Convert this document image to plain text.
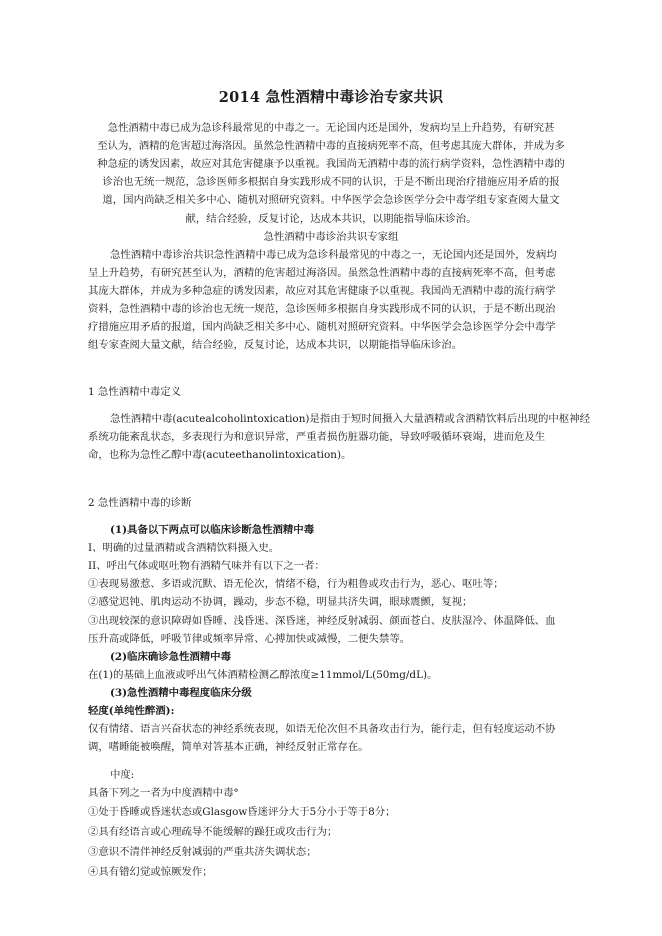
2014 急性酒精中毒诊治专家共识
急性酒精中毒已成为急诊科最常见的中毒之一。无论国内还是国外，发病均呈上升趋势，有研究甚
至认为，酒精的危害超过海洛因。虽然急性酒精中毒的直接病死率不高，但考虑其庞大群体，并成为多
种急症的诱发因素，故应对其危害健康予以重视。我国尚无酒精中毒的流行病学资料，急性酒精中毒的
诊治也无统一规范，急诊医师多根据自身实践形成不同的认识，于是不断出现治疗措施应用矛盾的报
道，国内尚缺乏相关多中心、随机对照研究资料。中华医学会急诊医学分会中毒学组专家查阅大量文
献，结合经验，反复讨论，达成本共识，以期能指导临床诊治。
急性酒精中毒诊治共识专家组
急性酒精中毒诊治共识急性酒精中毒已成为急诊科最常见的中毒之一，无论国内还是国外，发病均
呈上升趋势，有研究甚至认为，酒精的危害超过海洛因。虽然急性酒精中毒的直接病死率不高，但考虑
其庞大群体，并成为多种急症的诱发因素，故应对其危害健康予以重视。我国尚无酒精中毒的流行病学
资料，急性酒精中毒的诊治也无统一规范，急诊医师多根据自身实践形成不同的认识，于是不断出现治
疗措施应用矛盾的报道，国内尚缺乏相关多中心、随机对照研究资料。中华医学会急诊医学分会中毒学
组专家查阅大量文献，结合经验，反复讨论，达成本共识，以期能指导临床诊治。
1 急性酒精中毒定义
急性酒精中毒(acutealcoholintoxication)是指由于短时间摄入大量酒精或含酒精饮料后出现的中枢神经
系统功能紊乱状态，多表现行为和意识异常，严重者损伤脏器功能，导致呼吸循环衰竭，进而危及生
命，也称为急性乙醇中毒(acuteethanolintoxication)。
2 急性酒精中毒的诊断
(1)具备以下两点可以临床诊断急性酒精中毒
I、明确的过量酒精或含酒精饮料摄入史。
II、呼出气体或呕吐物有酒精气味并有以下之一者：
①表现易激惹、多语或沉默、语无伦次，情绪不稳，行为粗鲁或攻击行为，恶心、呕吐等；
②感觉迟钝、肌肉运动不协调，躁动，步态不稳，明显共济失调，眼球震颤，复视；
③出现较深的意识障碍如昏睡、浅昏迷、深昏迷，神经反射减弱、颜面苍白、皮肤湿冷、体温降低、血
压升高或降低，呼吸节律或频率异常、心搏加快或减慢，二便失禁等。
(2)临床确诊急性酒精中毒
在(1)的基础上血液或呼出气体酒精检测乙醇浓度≥11mmol/L(50mg/dL)。
(3)急性酒精中毒程度临床分级
轻度(单纯性醉酒):
仅有情绪、语言兴奋状态的神经系统表现，如语无伦次但不具备攻击行为，能行走，但有轻度运动不协
调，嗜睡能被唤醒，简单对答基本正确，神经反射正常存在。
中度:
具备下列之一者为中度酒精中毒°
①处于昏睡或昏迷状态或Glasgow昏迷评分大于5分小于等于8分；
②具有经语言或心理疏导不能缓解的躁狂或攻击行为；
③意识不清伴神经反射减弱的严重共济失调状态；
④具有错幻觉或惊厥发作；
